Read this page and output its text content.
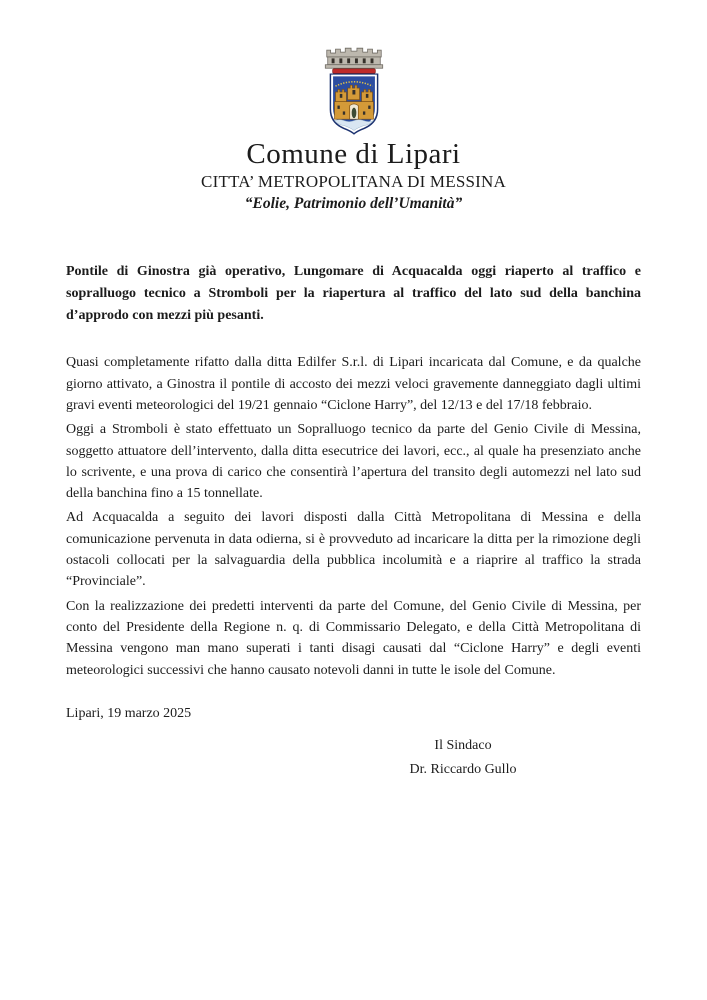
Comune di Lipari
CITTA’ METROPOLITANA DI MESSINA
“Eolie, Patrimonio dell’Umanità”

Pontile di Ginostra già operativo, Lungomare di Acquacalda oggi riaperto al traffico e sopralluogo tecnico a Stromboli per la riapertura al traffico del lato sud della banchina d’approdo con mezzi più pesanti.

Quasi completamente rifatto dalla ditta Edilfer S.r.l. di Lipari incaricata dal Comune, e da qualche giorno attivato, a Ginostra il pontile di accosto dei mezzi veloci gravemente danneggiato dagli ultimi gravi eventi meteorologici del 19/21 gennaio “Ciclone Harry”, del 12/13 e del 17/18 febbraio.

Oggi a Stromboli è stato effettuato un Sopralluogo tecnico da parte del Genio Civile di Messina, soggetto attuatore dell’intervento, dalla ditta esecutrice dei lavori, ecc., al quale ha presenziato anche lo scrivente, e una prova di carico che consentirà l’apertura del transito degli automezzi nel lato sud della banchina fino a 15 tonnellate.

Ad Acquacalda a seguito dei lavori disposti dalla Città Metropolitana di Messina e della comunicazione pervenuta in data odierna, si è provveduto ad incaricare la ditta per la rimozione degli ostacoli collocati per la salvaguardia della pubblica incolumità e a riaprire al traffico la strada “Provinciale”.

Con la realizzazione dei predetti interventi da parte del Comune, del Genio Civile di Messina, per conto del Presidente della Regione n. q. di Commissario Delegato, e della Città Metropolitana di Messina vengono man mano superati i tanti disagi causati dal “Ciclone Harry” e degli eventi meteorologici successivi che hanno causato notevoli danni in tutte le isole del Comune.

Lipari, 19 marzo 2025

Il Sindaco
Dr. Riccardo Gullo
